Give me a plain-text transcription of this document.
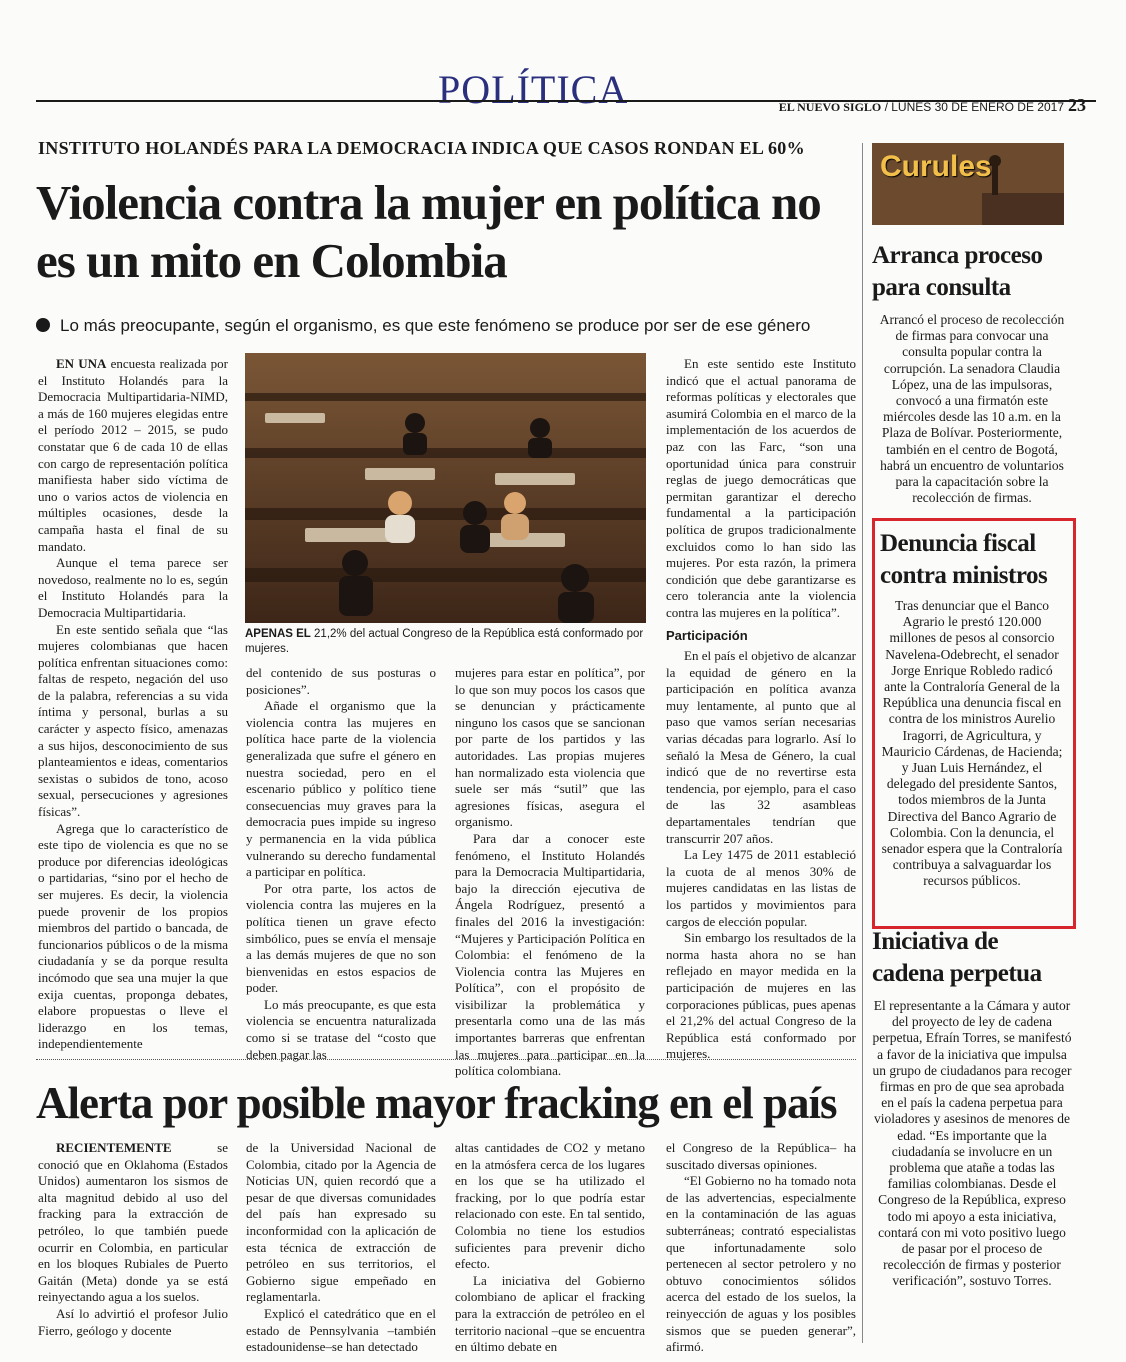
POLÍTICA	EL NUEVO SIGLO / LUNES 30 DE ENERO DE 2017 23
INSTITUTO HOLANDÉS PARA LA DEMOCRACIA INDICA QUE CASOS RONDAN EL 60%
Violencia contra la mujer en política no es un mito en Colombia
Lo más preocupante, según el organismo, es que este fenómeno se produce por ser de ese género

EN UNA encuesta realizada por el Instituto Holandés para la Democracia Multipartidaria-NIMD, a más de 160 mujeres elegidas entre el período 2012 – 2015, se pudo constatar que 6 de cada 10 de ellas con cargo de representación política manifiesta haber sido víctima de uno o varios actos de violencia en múltiples ocasiones, desde la campaña hasta el final de su mandato.

Aunque el tema parece ser novedoso, realmente no lo es, según el Instituto Holandés para la Democracia Multipartidaria.

En este sentido señala que “las mujeres colombianas que hacen política enfrentan situaciones como: faltas de respeto, negación del uso de la palabra, referencias a su vida íntima y personal, burlas a su carácter y aspecto físico, amenazas a sus hijos, desconocimiento de sus planteamientos e ideas, comentarios sexistas o subidos de tono, acoso sexual, persecuciones y agresiones físicas”.

Agrega que lo característico de este tipo de violencia es que no se produce por diferencias ideológicas o partidarias, “sino por el hecho de ser mujeres. Es decir, la violencia puede provenir de los propios miembros del partido o bancada, de funcionarios públicos o de la misma ciudadanía y se da porque resulta incómodo que sea una mujer la que exija cuentas, proponga debates, elabore propuestas o lleve el liderazgo en los temas, independientemente

APENAS EL 21,2% del actual Congreso de la República está conformado por mujeres.

del contenido de sus posturas o posiciones”.

Añade el organismo que la violencia contra las mujeres en política hace parte de la violencia generalizada que sufre el género en nuestra sociedad, pero en el escenario público y político tiene consecuencias muy graves para la democracia pues impide su ingreso y permanencia en la vida pública vulnerando su derecho fundamental a participar en política.

Por otra parte, los actos de violencia contra las mujeres en la política tienen un grave efecto simbólico, pues se envía el mensaje a las demás mujeres de que no son bienvenidas en estos espacios de poder.

Lo más preocupante, es que esta violencia se encuentra naturalizada como si se tratase del “costo que deben pagar las

mujeres para estar en política”, por lo que son muy pocos los casos que se denuncian y prácticamente ninguno los casos que se sancionan por parte de los partidos y las autoridades. Las propias mujeres han normalizado esta violencia que suele ser más “sutil” que las agresiones físicas, asegura el organismo.

Para dar a conocer este fenómeno, el Instituto Holandés para la Democracia Multipartidaria, bajo la dirección ejecutiva de Ángela Rodríguez, presentó a finales del 2016 la investigación: “Mujeres y Participación Política en Colombia: el fenómeno de la Violencia contra las Mujeres en Política”, con el propósito de visibilizar la problemática y presentarla como una de las más importantes barreras que enfrentan las mujeres para participar en la política colombiana.

En este sentido este Instituto indicó que el actual panorama de reformas políticas y electorales que asumirá Colombia en el marco de la implementación de los acuerdos de paz con las Farc, “son una oportunidad única para construir reglas de juego democráticas que permitan garantizar el derecho fundamental a la participación política de grupos tradicionalmente excluidos como lo han sido las mujeres. Por esta razón, la primera condición que debe garantizarse es cero tolerancia ante la violencia contra las mujeres en la política”.

Participación

En el país el objetivo de alcanzar la equidad de género en la participación en política avanza muy lentamente, al punto que al paso que vamos serían necesarias varias décadas para lograrlo. Así lo señaló la Mesa de Género, la cual indicó que de no revertirse esta tendencia, por ejemplo, para el caso de las 32 asambleas departamentales tendrían que transcurrir 207 años.

La Ley 1475 de 2011 estableció la cuota de al menos 30% de mujeres candidatas en las listas de los partidos y movimientos para cargos de elección popular.

Sin embargo los resultados de la norma hasta ahora no se han reflejado en mayor medida en la participación de mujeres en las corporaciones públicas, pues apenas el 21,2% del actual Congreso de la República está conformado por mujeres.

Alerta por posible mayor fracking en el país

RECIENTEMENTE se conoció que en Oklahoma (Estados Unidos) aumentaron los sismos de alta magnitud debido al uso del fracking para la extracción de petróleo, lo que también puede ocurrir en Colombia, en particular en los bloques Rubiales de Puerto Gaitán (Meta) donde ya se está reinyectando agua a los suelos.

Así lo advirtió el profesor Julio Fierro, geólogo y docente

de la Universidad Nacional de Colombia, citado por la Agencia de Noticias UN, quien recordó que a pesar de que diversas comunidades del país han expresado su inconformidad con la aplicación de esta técnica de extracción de petróleo en sus territorios, el Gobierno sigue empeñado en reglamentarla.

Explicó el catedrático que en el estado de Pennsylvania –también estadounidense–se han detectado

altas cantidades de CO2 y metano en la atmósfera cerca de los lugares en los que se ha utilizado el fracking, por lo que podría estar relacionado con este. En tal sentido, Colombia no tiene los estudios suficientes para prevenir dicho efecto.

La iniciativa del Gobierno colombiano de aplicar el fracking para la extracción de petróleo en el territorio nacional –que se encuentra en último debate en

el Congreso de la República– ha suscitado diversas opiniones.

“El Gobierno no ha tomado nota de las advertencias, especialmente en la contaminación de las aguas subterráneas; contrató especialistas que infortunadamente solo pertenecen al sector petrolero y no obtuvo conocimientos sólidos acerca del estado de los suelos, la reinyección de aguas y los posibles sismos que se pueden generar”, afirmó.

Curules
Arranca proceso para consulta
Arrancó el proceso de recolección de firmas para convocar una consulta popular contra la corrupción. La senadora Claudia López, una de las impulsoras, convocó a una firmatón este miércoles desde las 10 a.m. en la Plaza de Bolívar. Posteriormente, también en el centro de Bogotá, habrá un encuentro de voluntarios para la capacitación sobre la recolección de firmas.
Denuncia fiscal contra ministros
Tras denunciar que el Banco Agrario le prestó 120.000 millones de pesos al consorcio Navelena-Odebrecht, el senador Jorge Enrique Robledo radicó ante la Contraloría General de la República una denuncia fiscal en contra de los ministros Aurelio Iragorri, de Agricultura, y Mauricio Cárdenas, de Hacienda; y Juan Luis Hernández, el delegado del presidente Santos, todos miembros de la Junta Directiva del Banco Agrario de Colombia. Con la denuncia, el senador espera que la Contraloría contribuya a salvaguardar los recursos públicos.
Iniciativa de cadena perpetua
El representante a la Cámara y autor del proyecto de ley de cadena perpetua, Efraín Torres, se manifestó a favor de la iniciativa que impulsa un grupo de ciudadanos para recoger firmas en pro de que sea aprobada en el país la cadena perpetua para violadores y asesinos de menores de edad. “Es importante que la ciudadanía se involucre en un problema que atañe a todas las familias colombianas. Desde el Congreso de la República, expreso todo mi apoyo a esta iniciativa, contará con mi voto positivo luego de pasar por el proceso de recolección de firmas y posterior verificación”, sostuvo Torres.
